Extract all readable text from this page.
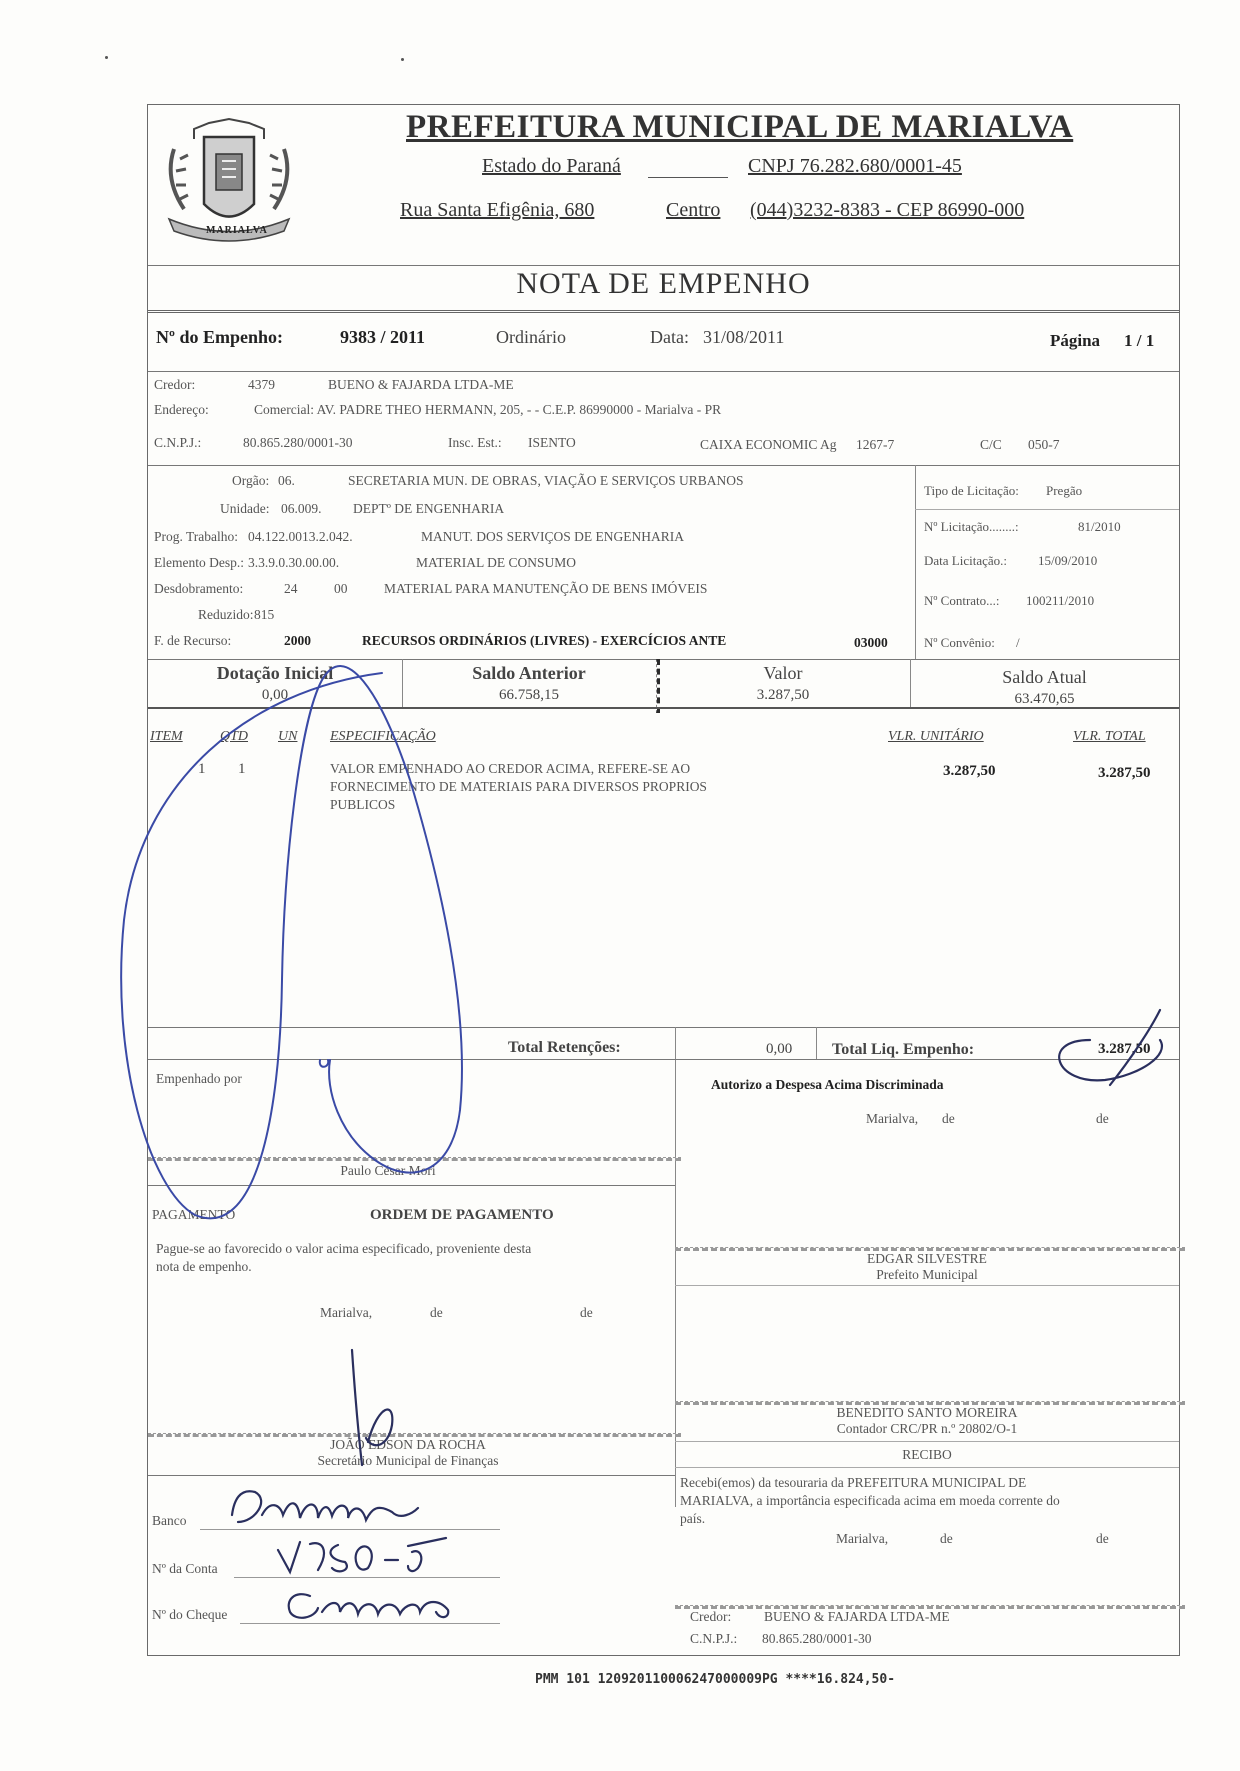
MARIALVA
PREFEITURA MUNICIPAL DE MARIALVA
Estado do Paraná	CNPJ 76.282.680/0001-45
Rua Santa Efigênia, 680	Centro (044)3232-8383 - CEP 86990-000
NOTA DE EMPENHO
Nº do Empenho:	9383 / 2011	Ordinário	Data: 31/08/2011	Página 1 / 1
Credor:	4379	BUENO & FAJARDA LTDA-ME
Endereço:	Comercial: AV. PADRE THEO HERMANN, 205, - - C.E.P. 86990000 - Marialva - PR
C.N.P.J.:	80.865.280/0001-30	Insc. Est.: ISENTO	CAIXA ECONOMIC Ag 1267-7	C/C 050-7
Orgão: 06.	SECRETARIA MUN. DE OBRAS, VIAÇÃO E SERVIÇOS URBANOS
Unidade: 06.009. DEPTº DE ENGENHARIA
Prog. Trabalho: 04.122.0013.2.042.	MANUT. DOS SERVIÇOS DE ENGENHARIA
Elemento Desp.: 3.3.9.0.30.00.00.	MATERIAL DE CONSUMO
Desdobramento:	24	00	MATERIAL PARA MANUTENÇÃO DE BENS IMÓVEIS
Reduzido: 815
F. de Recurso:	2000	RECURSOS ORDINÁRIOS (LIVRES) - EXERCÍCIOS ANTE	03000
Tipo de Licitação: Pregão
Nº Licitação........:	81/2010
Data Licitação.: 15/09/2010
Nº Contrato...: 100211/2010
Nº Convênio: /
Dotação Inicial
0,00
Saldo Anterior
66.758,15
Valor
3.287,50
Saldo Atual
63.470,65
ITEM	QTD UN ESPECIFICAÇÃO	VLR. UNITÁRIO	VLR. TOTAL
1 1	VALOR EMPENHADO AO CREDOR ACIMA, REFERE-SE AO
FORNECIMENTO DE MATERIAIS PARA DIVERSOS PROPRIOS
PUBLICOS
3.287,50	3.287,50
Total Retenções:	0,00 Total Liq. Empenho:	3.287,50
Empenhado por
Paulo César Mori
Autorizo a Despesa Acima Discriminada
Marialva, de	de
EDGAR SILVESTRE
Prefeito Municipal
PAGAMENTO	ORDEM DE PAGAMENTO
Pague-se ao favorecido o valor acima especificado, proveniente desta
nota de empenho.
Marialva,	de	de
JOÃO EDSON DA ROCHA
Secretário Municipal de Finanças
Banco
Nº da Conta
Nº do Cheque
BENEDITO SANTO MOREIRA
Contador CRC/PR n.º 20802/O-1
RECIBO
Recebi(emos) da tesouraria da PREFEITURA MUNICIPAL DE
MARIALVA, a importância especificada acima em moeda corrente do
país.
Marialva,	de	de
Credor: BUENO & FAJARDA LTDA-ME
C.N.P.J.: 80.865.280/0001-30
PMM 101 120920110006247000009PG ****16.824,50-
